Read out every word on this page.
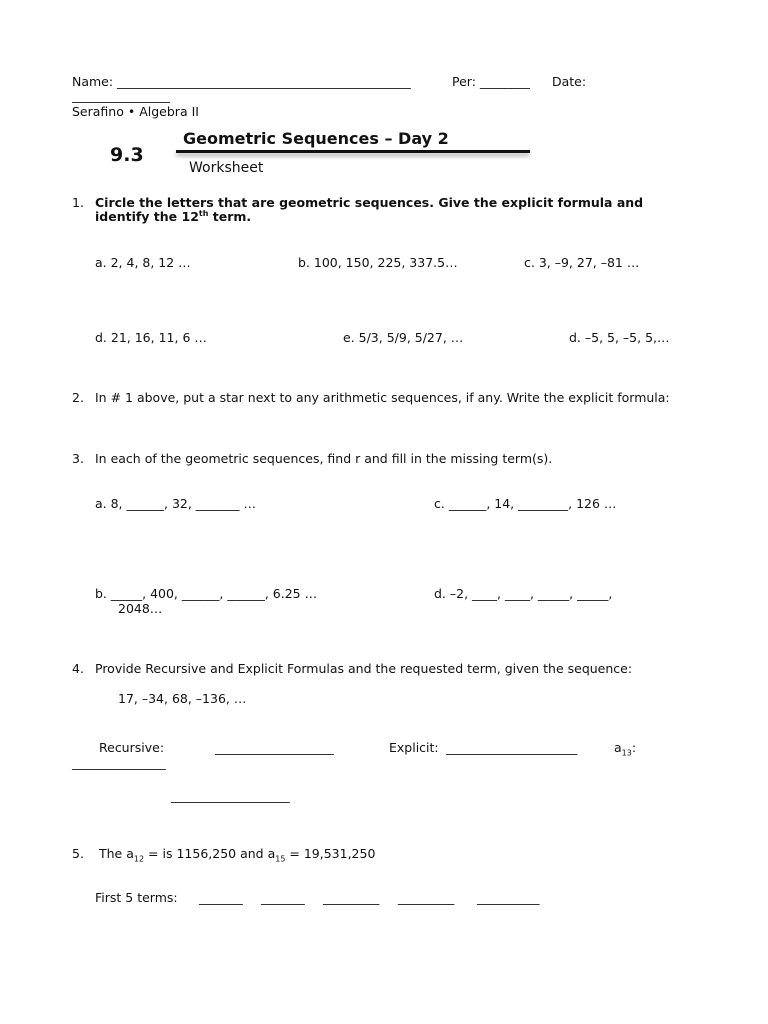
Name: _______________________________________________	Per: ________ Date:
Serafino • Algebra II
9.3
Geometric Sequences – Day 2
Worksheet
1. Circle the letters that are geometric sequences. Give the explicit formula and
identify the 12th term.
a. 2, 4, 8, 12 …	b. 100, 150, 225, 337.5…	c. 3, –9, 27, –81 …
d. 21, 16, 11, 6 …	e. 5/3, 5/9, 5/27, …	d. –5, 5, –5, 5,…
2. In # 1 above, put a star next to any arithmetic sequences, if any. Write the explicit formula:
3. In each of the geometric sequences, find r and fill in the missing term(s).
a. 8, ______, 32, _______ …	c. ______, 14, ________, 126 …
b. _____, 400, ______, ______, 6.25 …	d. –2, ____, ____, _____, _____,
2048…
4. Provide Recursive and Explicit Formulas and the requested term, given the sequence:
17, –34, 68, –136, …
Recursive:	___________________	Explicit: _____________________	$a_{13}$:
_______________
___________________
5. The $a_{12}$ = is 1156,250 and $a_{15} = 19,531,250$
First 5 terms: _______ _______ _________ _________ __________
